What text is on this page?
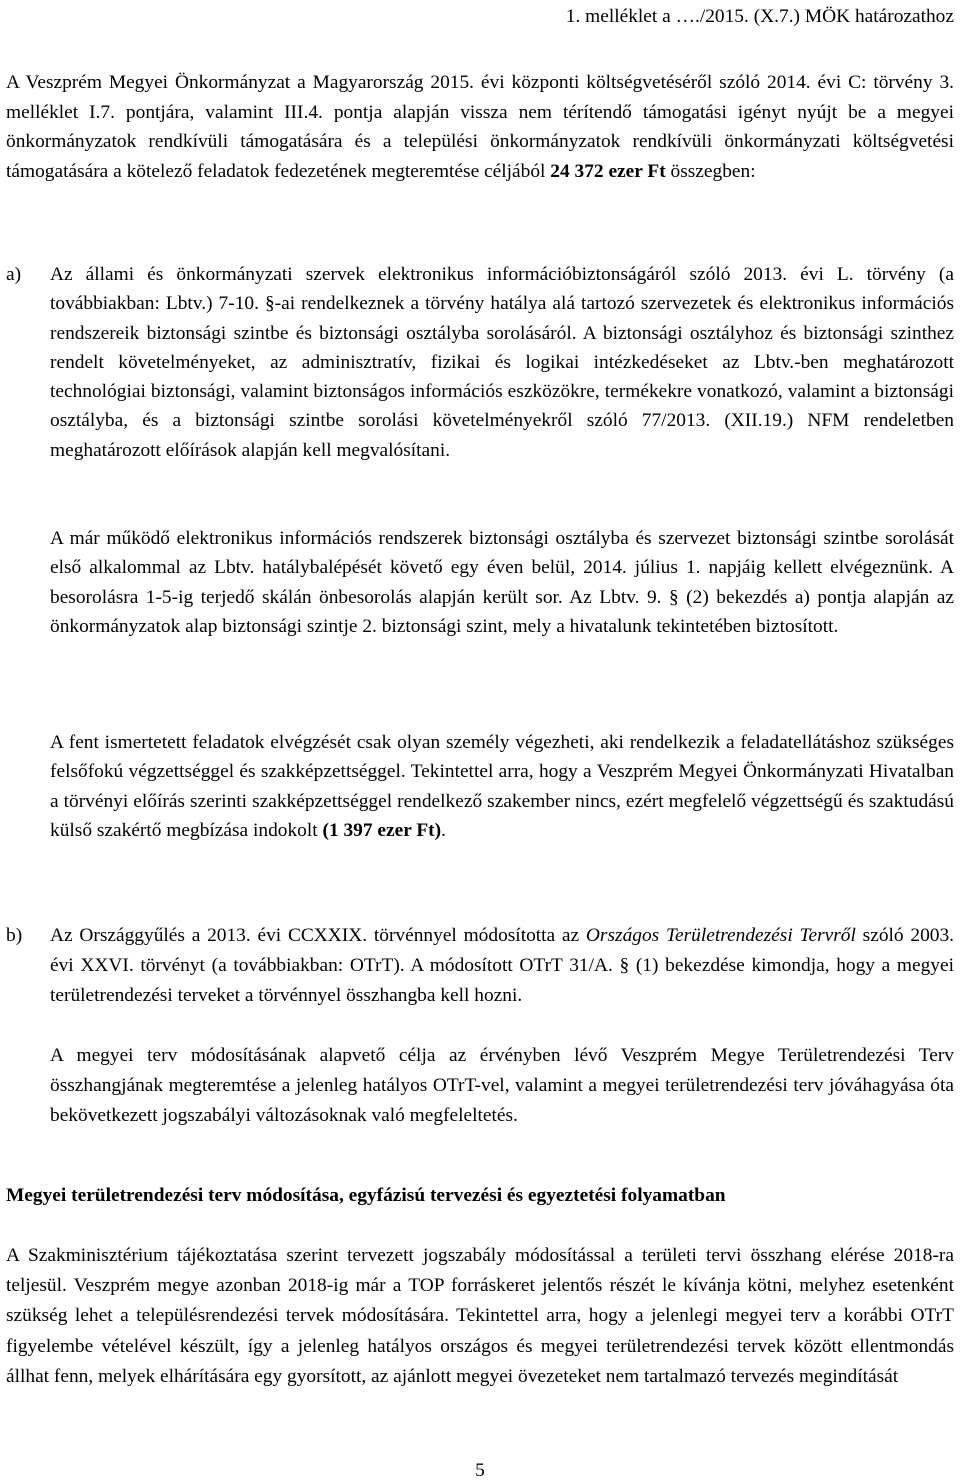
1. melléklet a …./2015. (X.7.) MÖK határozathoz

A Veszprém Megyei Önkormányzat a Magyarország 2015. évi központi költségvetéséről szóló 2014. évi C: törvény 3. melléklet I.7. pontjára, valamint III.4. pontja alapján vissza nem térítendő támogatási igényt nyújt be a megyei önkormányzatok rendkívüli támogatására és a települési önkormányzatok rendkívüli önkormányzati költségvetési támogatására a kötelező feladatok fedezetének megteremtése céljából 24 372 ezer Ft összegben:

a) Az állami és önkormányzati szervek elektronikus információbiztonságáról szóló 2013. évi L. törvény (a továbbiakban: Lbtv.) 7-10. §-ai rendelkeznek a törvény hatálya alá tartozó szervezetek és elektronikus információs rendszereik biztonsági szintbe és biztonsági osztályba sorolásáról. A biztonsági osztályhoz és biztonsági szinthez rendelt követelményeket, az adminisztratív, fizikai és logikai intézkedéseket az Lbtv.-ben meghatározott technológiai biztonsági, valamint biztonságos információs eszközökre, termékekre vonatkozó, valamint a biztonsági osztályba, és a biztonsági szintbe sorolási követelményekről szóló 77/2013. (XII.19.) NFM rendeletben meghatározott előírások alapján kell megvalósítani.

A már működő elektronikus információs rendszerek biztonsági osztályba és szervezet biztonsági szintbe sorolását első alkalommal az Lbtv. hatálybalépését követő egy éven belül, 2014. július 1. napjáig kellett elvégeznünk. A besorolásra 1-5-ig terjedő skálán önbesorolás alapján került sor. Az Lbtv. 9. § (2) bekezdés a) pontja alapján az önkormányzatok alap biztonsági szintje 2. biztonsági szint, mely a hivatalunk tekintetében biztosított.

A fent ismertetett feladatok elvégzését csak olyan személy végezheti, aki rendelkezik a feladatellátáshoz szükséges felsőfokú végzettséggel és szakképzettséggel. Tekintettel arra, hogy a Veszprém Megyei Önkormányzati Hivatalban a törvényi előírás szerinti szakképzettséggel rendelkező szakember nincs, ezért megfelelő végzettségű és szaktudású külső szakértő megbízása indokolt (1 397 ezer Ft).

b) Az Országgyűlés a 2013. évi CCXXIX. törvénnyel módosította az Országos Területrendezési Tervről szóló 2003. évi XXVI. törvényt (a továbbiakban: OTrT). A módosított OTrT 31/A. § (1) bekezdése kimondja, hogy a megyei területrendezési terveket a törvénnyel összhangba kell hozni.

A megyei terv módosításának alapvető célja az érvényben lévő Veszprém Megye Területrendezési Terv összhangjának megteremtése a jelenleg hatályos OTrT-vel, valamint a megyei területrendezési terv jóváhagyása óta bekövetkezett jogszabályi változásoknak való megfeleltetés.

Megyei területrendezési terv módosítása, egyfázisú tervezési és egyeztetési folyamatban

A Szakminisztérium tájékoztatása szerint tervezett jogszabály módosítással a területi tervi összhang elérése 2018-ra teljesül. Veszprém megye azonban 2018-ig már a TOP forráskeret jelentős részét le kívánja kötni, melyhez esetenként szükség lehet a településrendezési tervek módosítására. Tekintettel arra, hogy a jelenlegi megyei terv a korábbi OTrT figyelembe vételével készült, így a jelenleg hatályos országos és megyei területrendezési tervek között ellentmondás állhat fenn, melyek elhárítására egy gyorsított, az ajánlott megyei övezeteket nem tartalmazó tervezés megindítását

5
